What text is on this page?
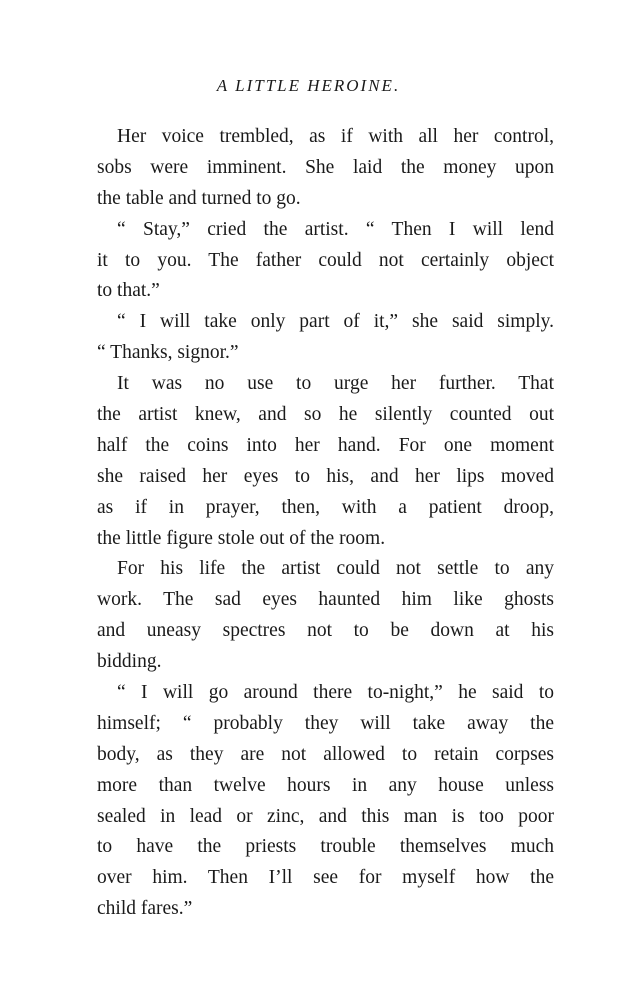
A LITTLE HEROINE.
Her voice trembled, as if with all her control,
sobs were imminent. She laid the money upon
the table and turned to go.
“ Stay,” cried the artist. “ Then I will lend
it to you. The father could not certainly object
to that.”
“ I will take only part of it,” she said simply.
“ Thanks, signor.”
It was no use to urge her further. That
the artist knew, and so he silently counted out
half the coins into her hand. For one moment
she raised her eyes to his, and her lips moved
as if in prayer, then, with a patient droop,
the little figure stole out of the room.
For his life the artist could not settle to any
work. The sad eyes haunted him like ghosts
and uneasy spectres not to be down at his
bidding.
“ I will go around there to-night,” he said to
himself; “ probably they will take away the
body, as they are not allowed to retain corpses
more than twelve hours in any house unless
sealed in lead or zinc, and this man is too poor
to have the priests trouble themselves much
over him. Then I’ll see for myself how the
child fares.”
